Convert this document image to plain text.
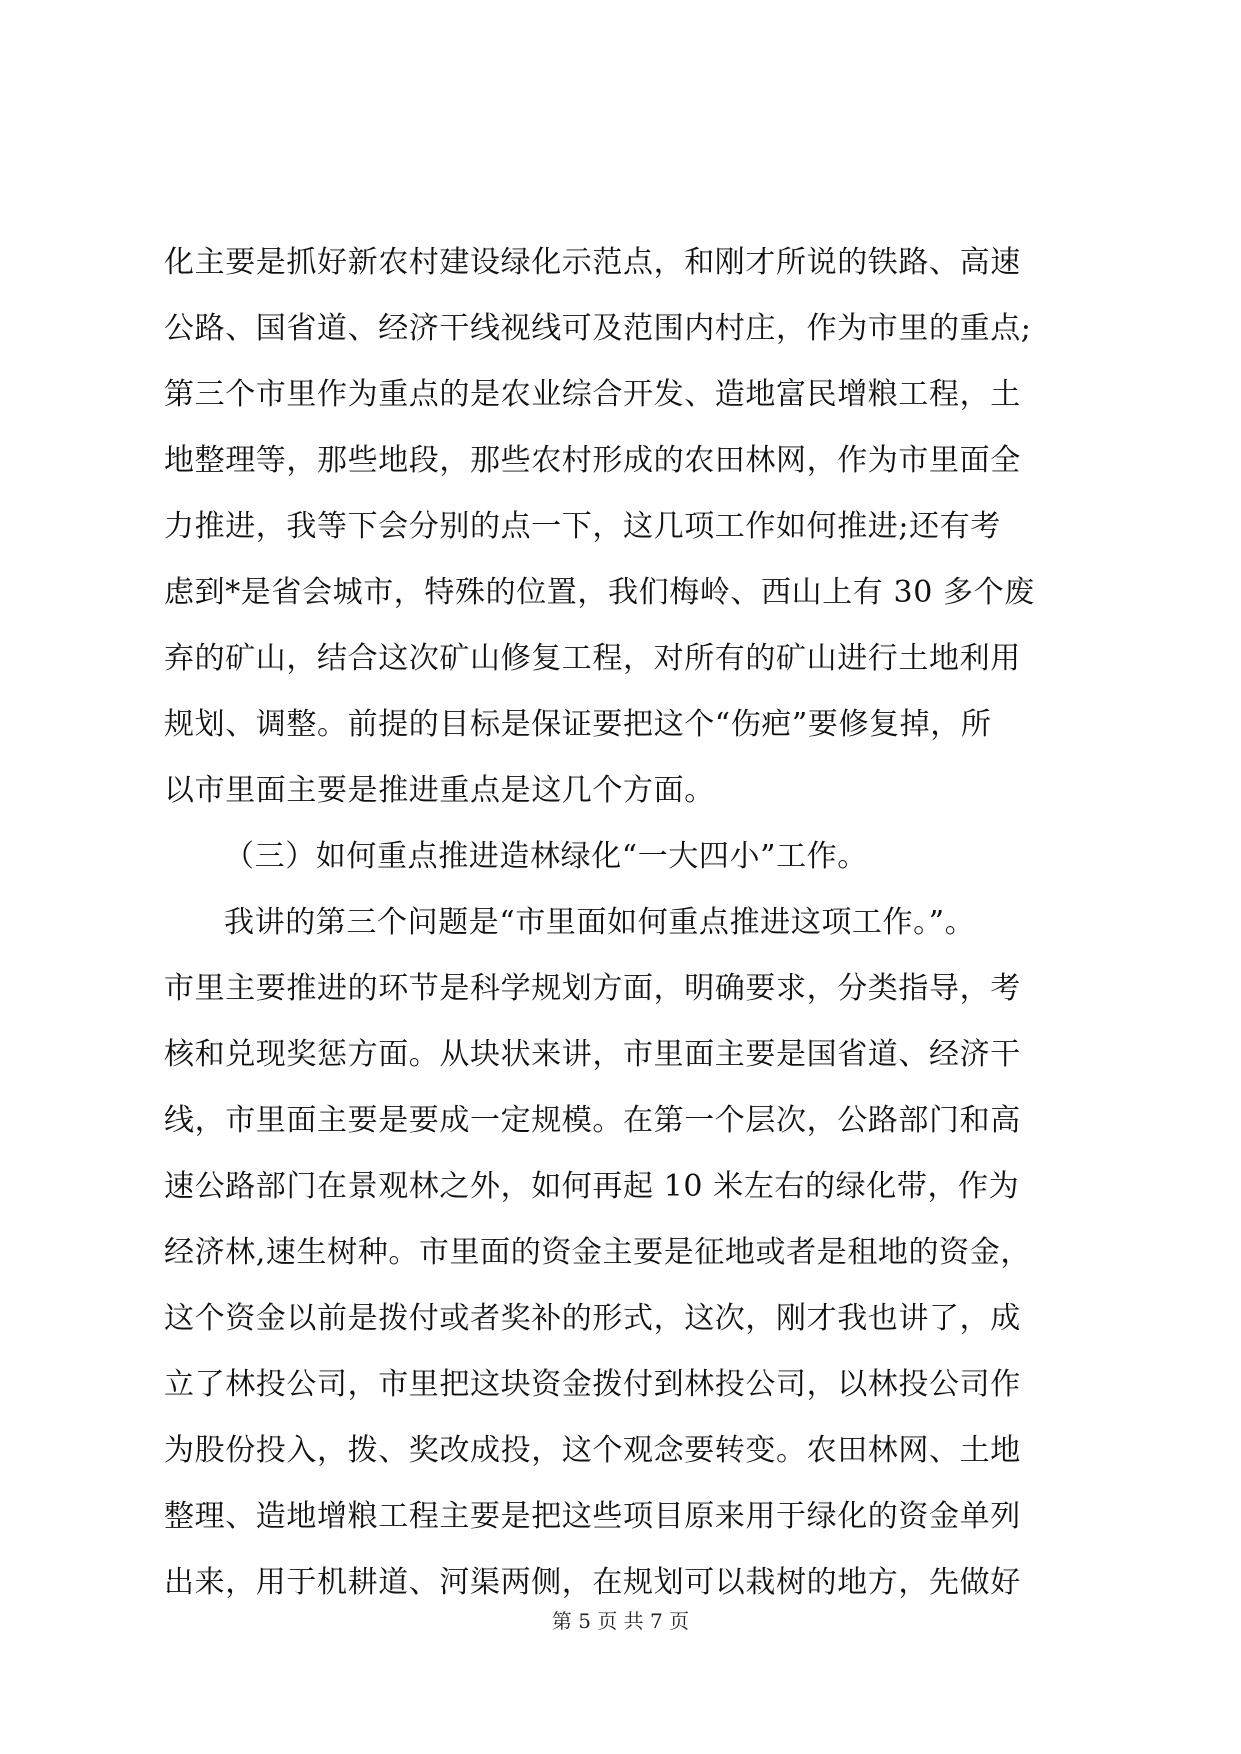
化主要是抓好新农村建设绿化示范点，和刚才所说的铁路、高速
公路、国省道、经济干线视线可及范围内村庄，作为市里的重点;
第三个市里作为重点的是农业综合开发、造地富民增粮工程，土
地整理等，那些地段，那些农村形成的农田林网，作为市里面全
力推进，我等下会分别的点一下，这几项工作如何推进;还有考
虑到*是省会城市，特殊的位置，我们梅岭、西山上有 30 多个废
弃的矿山，结合这次矿山修复工程，对所有的矿山进行土地利用
规划、调整。前提的目标是保证要把这个“伤疤”要修复掉，所
以市里面主要是推进重点是这几个方面。
（三）如何重点推进造林绿化“一大四小”工作。
我讲的第三个问题是“市里面如何重点推进这项工作。”。
市里主要推进的环节是科学规划方面，明确要求，分类指导，考
核和兑现奖惩方面。从块状来讲，市里面主要是国省道、经济干
线，市里面主要是要成一定规模。在第一个层次，公路部门和高
速公路部门在景观林之外，如何再起 10 米左右的绿化带，作为
经济林,速生树种。市里面的资金主要是征地或者是租地的资金，
这个资金以前是拨付或者奖补的形式，这次，刚才我也讲了，成
立了林投公司，市里把这块资金拨付到林投公司，以林投公司作
为股份投入，拨、奖改成投，这个观念要转变。农田林网、土地
整理、造地增粮工程主要是把这些项目原来用于绿化的资金单列
出来，用于机耕道、河渠两侧，在规划可以栽树的地方，先做好
第 5 页 共 7 页
